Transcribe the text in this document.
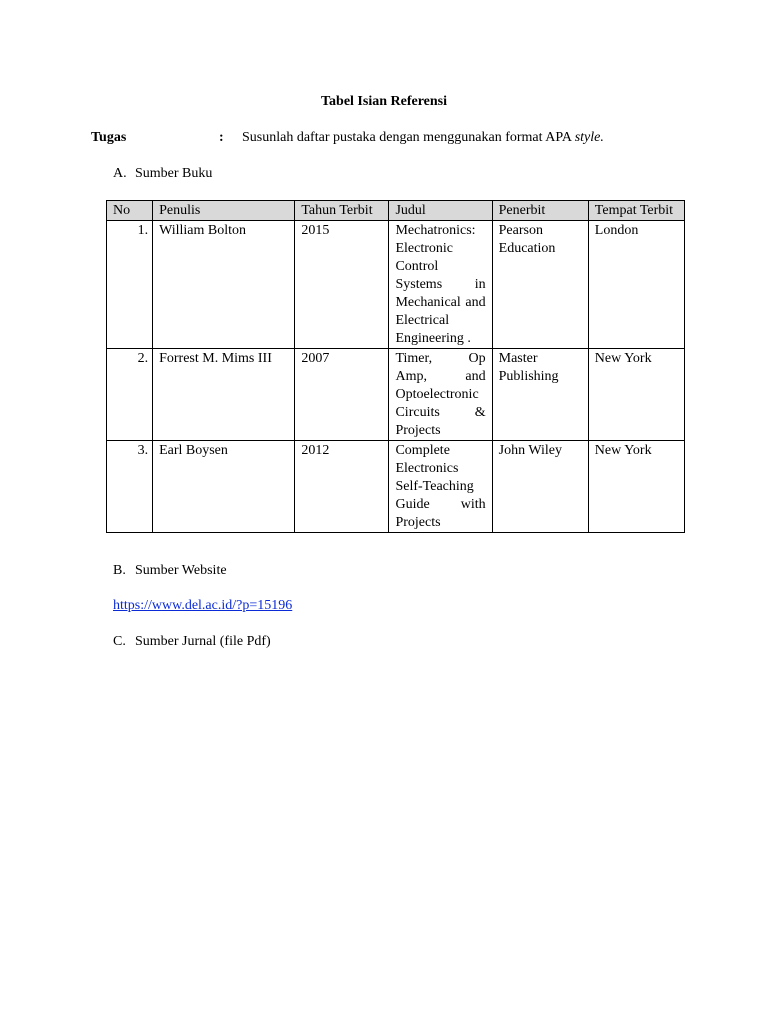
Tabel Isian Referensi
Tugas	: Susunlah daftar pustaka dengan menggunakan format APA style.
A. Sumber Buku
No	Penulis	Tahun Terbit	Judul	Penerbit	Tempat Terbit
1.	William Bolton	2015	Mechatronics: Electronic Control Systems in Mechanical and Electrical Engineering .	Pearson Education	London
2.	Forrest M. Mims III	2007	Timer, Op Amp, and Optoelectronic Circuits & Projects	Master Publishing	New York
3.	Earl Boysen	2012	Complete Electronics Self-Teaching Guide with Projects	John Wiley	New York
B. Sumber Website
https://www.del.ac.id/?p=15196
C. Sumber Jurnal (file Pdf)
